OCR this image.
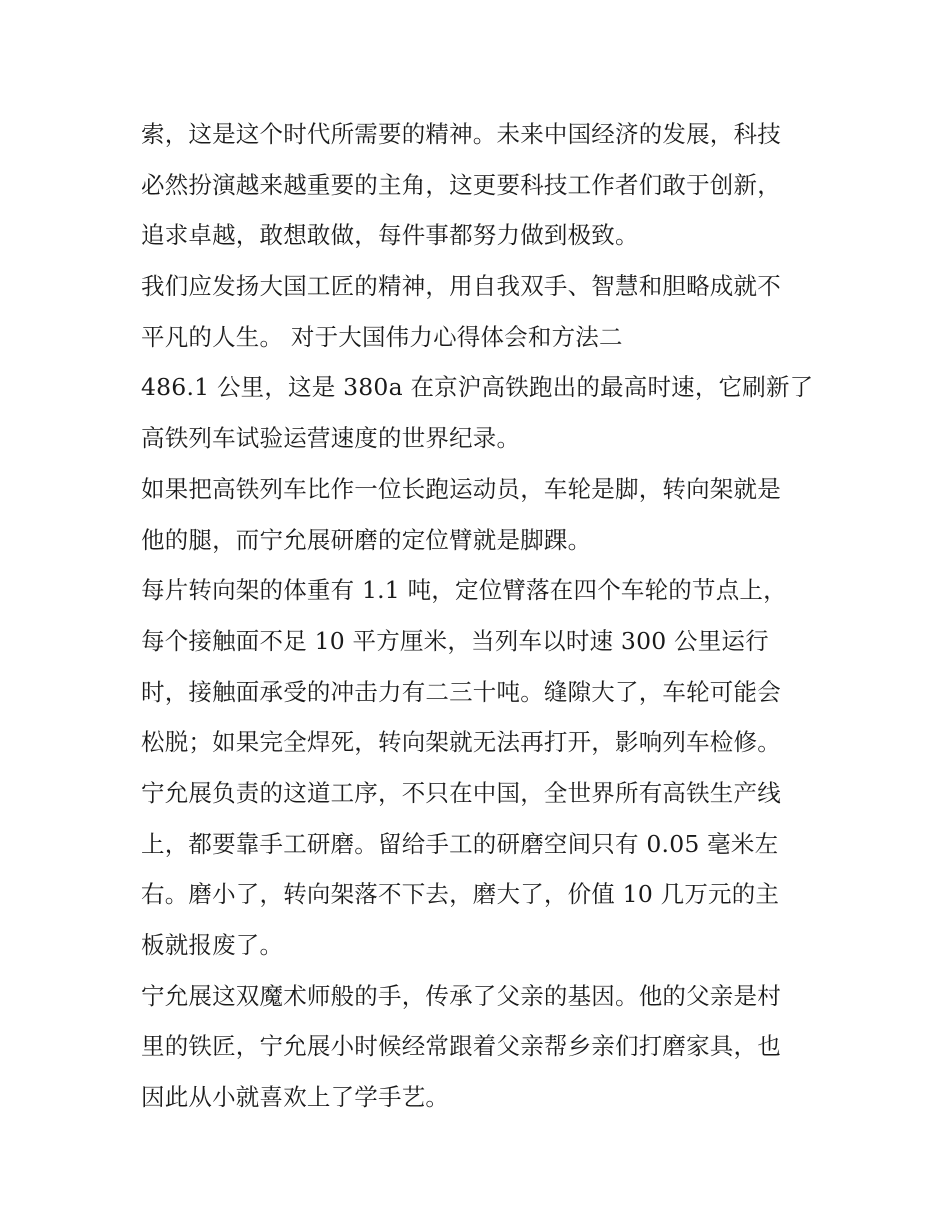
索，这是这个时代所需要的精神。未来中国经济的发展，科技
必然扮演越来越重要的主角，这更要科技工作者们敢于创新，
追求卓越，敢想敢做，每件事都努力做到极致。
我们应发扬大国工匠的精神，用自我双手、智慧和胆略成就不
平凡的人生。 对于大国伟力心得体会和方法二
486.1 公里，这是 380a 在京沪高铁跑出的最高时速，它刷新了
高铁列车试验运营速度的世界纪录。
如果把高铁列车比作一位长跑运动员，车轮是脚，转向架就是
他的腿，而宁允展研磨的定位臂就是脚踝。
每片转向架的体重有 1.1 吨，定位臂落在四个车轮的节点上，
每个接触面不足 10 平方厘米，当列车以时速 300 公里运行
时，接触面承受的冲击力有二三十吨。缝隙大了，车轮可能会
松脱；如果完全焊死，转向架就无法再打开，影响列车检修。
宁允展负责的这道工序，不只在中国，全世界所有高铁生产线
上，都要靠手工研磨。留给手工的研磨空间只有 0.05 毫米左
右。磨小了，转向架落不下去，磨大了，价值 10 几万元的主
板就报废了。
宁允展这双魔术师般的手，传承了父亲的基因。他的父亲是村
里的铁匠，宁允展小时候经常跟着父亲帮乡亲们打磨家具，也
因此从小就喜欢上了学手艺。
